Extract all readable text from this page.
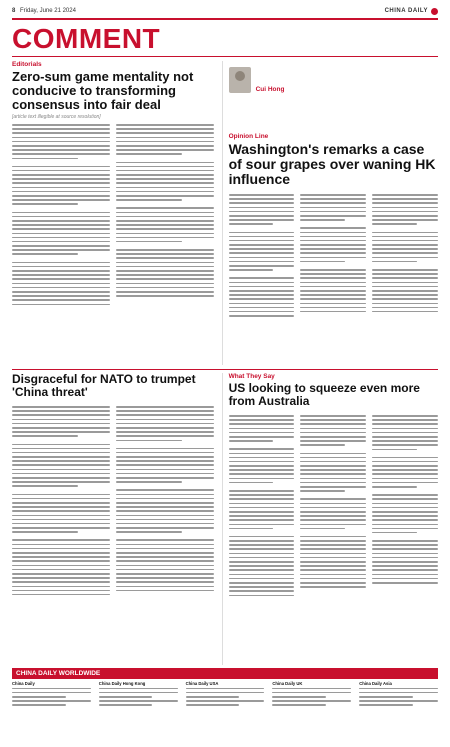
8 Friday, June 21 2024	CHINA DAILY
COMMENT
Editorials
Zero-sum game mentality not conducive to transforming consensus into fair deal
[article text illegible at source resolution]
Cui Hong
Opinion Line
Washington's remarks a case of sour grapes over waning HK influence
Disgraceful for NATO to trumpet 'China threat'
What They Say
US looking to squeeze even more from Australia
CHINA DAILY WORLDWIDE
China Daily	China Daily Hong Kong	China Daily USA	China Daily UK	China Daily Asia
